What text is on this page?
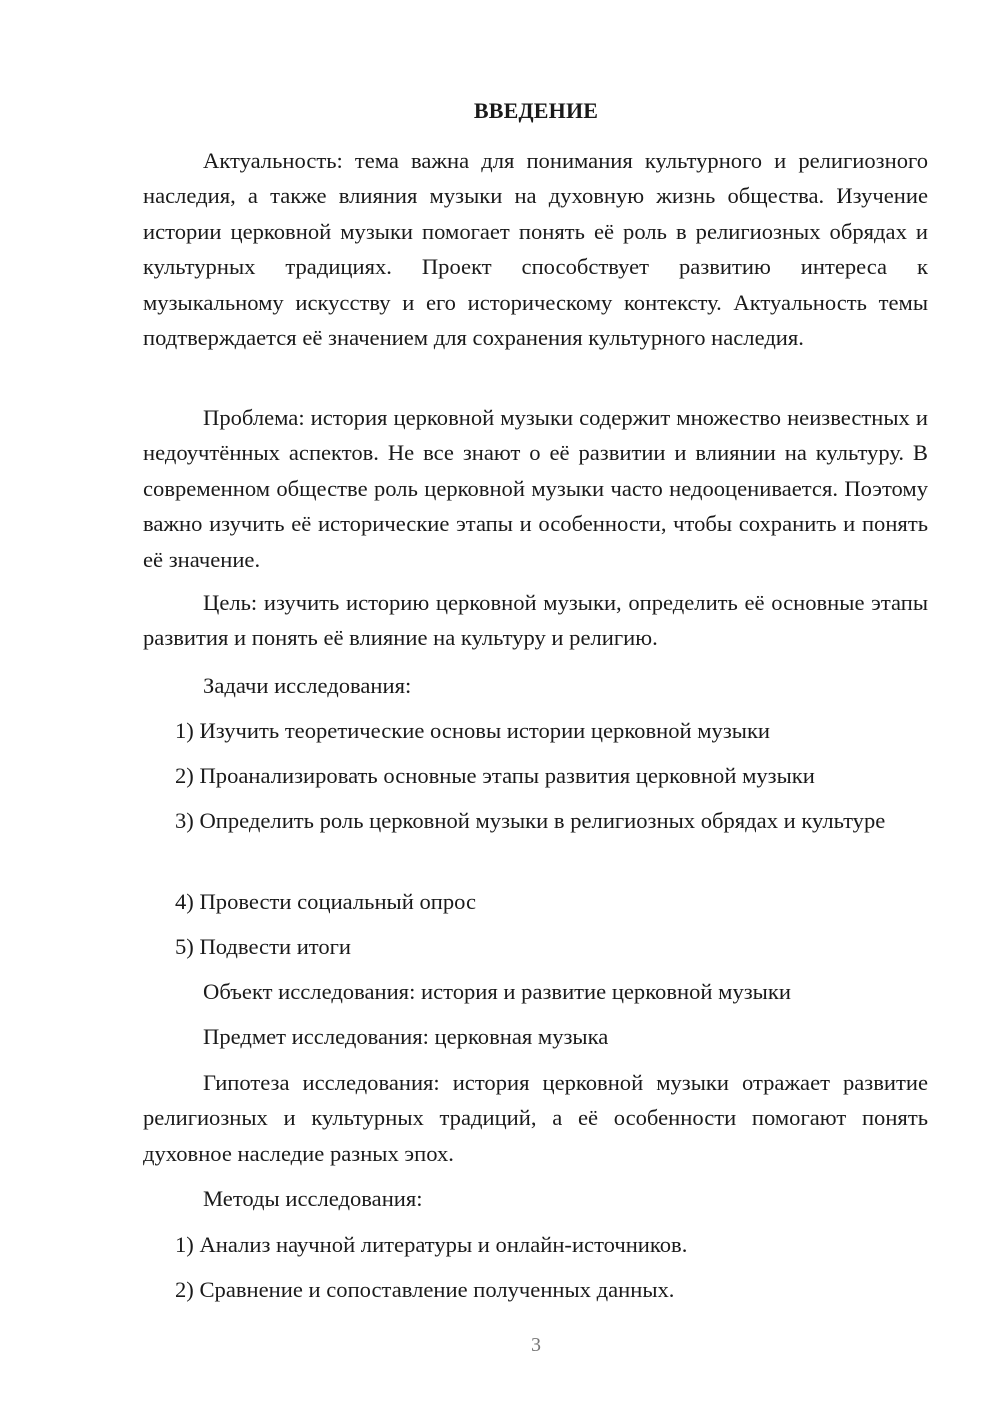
ВВЕДЕНИЕ

Актуальность: тема важна для понимания культурного и религиозного наследия, а также влияния музыки на духовную жизнь общества. Изучение истории церковной музыки помогает понять её роль в религиозных обрядах и культурных традициях. Проект способствует развитию интереса к музыкальному искусству и его историческому контексту. Актуальность темы подтверждается её значением для сохранения культурного наследия.

Проблема: история церковной музыки содержит множество неизвестных и недоучтённых аспектов. Не все знают о её развитии и влиянии на культуру. В современном обществе роль церковной музыки часто недооценивается. Поэтому важно изучить её исторические этапы и особенности, чтобы сохранить и понять её значение.

Цель: изучить историю церковной музыки, определить её основные этапы развития и понять её влияние на культуру и религию.

Задачи исследования:

1) Изучить теоретические основы истории церковной музыки

2) Проанализировать основные этапы развития церковной музыки

3) Определить роль церковной музыки в религиозных обрядах и культуре

4) Провести социальный опрос

5) Подвести итоги

Объект исследования: история и развитие церковной музыки

Предмет исследования: церковная музыка

Гипотеза исследования: история церковной музыки отражает развитие религиозных и культурных традиций, а её особенности помогают понять духовное наследие разных эпох.

Методы исследования:

1) Анализ научной литературы и онлайн-источников.

2) Сравнение и сопоставление полученных данных.

3
